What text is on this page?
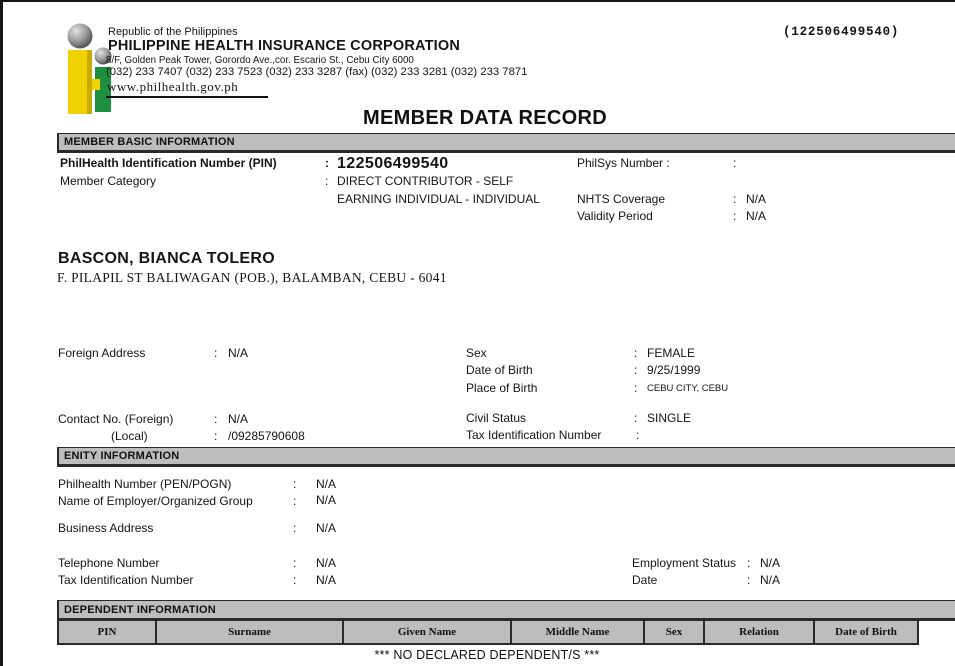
Republic of the Philippines
PHILIPPINE HEALTH INSURANCE CORPORATION
8/F, Golden Peak Tower, Gorordo Ave.,cor. Escario St., Cebu City 6000
(032) 233 7407 (032) 233 7523 (032) 233 3287 (fax) (032) 233 3281 (032) 233 7871
www.philhealth.gov.ph
(122506499540)
MEMBER DATA RECORD
MEMBER BASIC INFORMATION
PhilHealth Identification Number (PIN)	: 122506499540	PhilSys Number :	:
Member Category	: DIRECT CONTRIBUTOR - SELF
EARNING INDIVIDUAL - INDIVIDUAL	NHTS Coverage	: N/A
Validity Period	: N/A
BASCON, BIANCA TOLERO
F. PILAPIL ST BALIWAGAN (POB.), BALAMBAN, CEBU - 6041
Foreign Address	: N/A	Sex	: FEMALE
Date of Birth	: 9/25/1999
Place of Birth	: CEBU CITY, CEBU
Contact No. (Foreign)	: N/A	Civil Status	: SINGLE
(Local)	: /09285790608	Tax Identification Number	:
ENITY INFORMATION
Philhealth Number (PEN/POGN)	: N/A
Name of Employer/Organized Group	: N/A
Business Address	: N/A
Telephone Number	: N/A	Employment Status : N/A
Tax Identification Number	: N/A	Date	: N/A
DEPENDENT INFORMATION
PIN	Surname	Given Name	Middle Name	Sex	Relation	Date of Birth
*** NO DECLARED DEPENDENT/S ***
